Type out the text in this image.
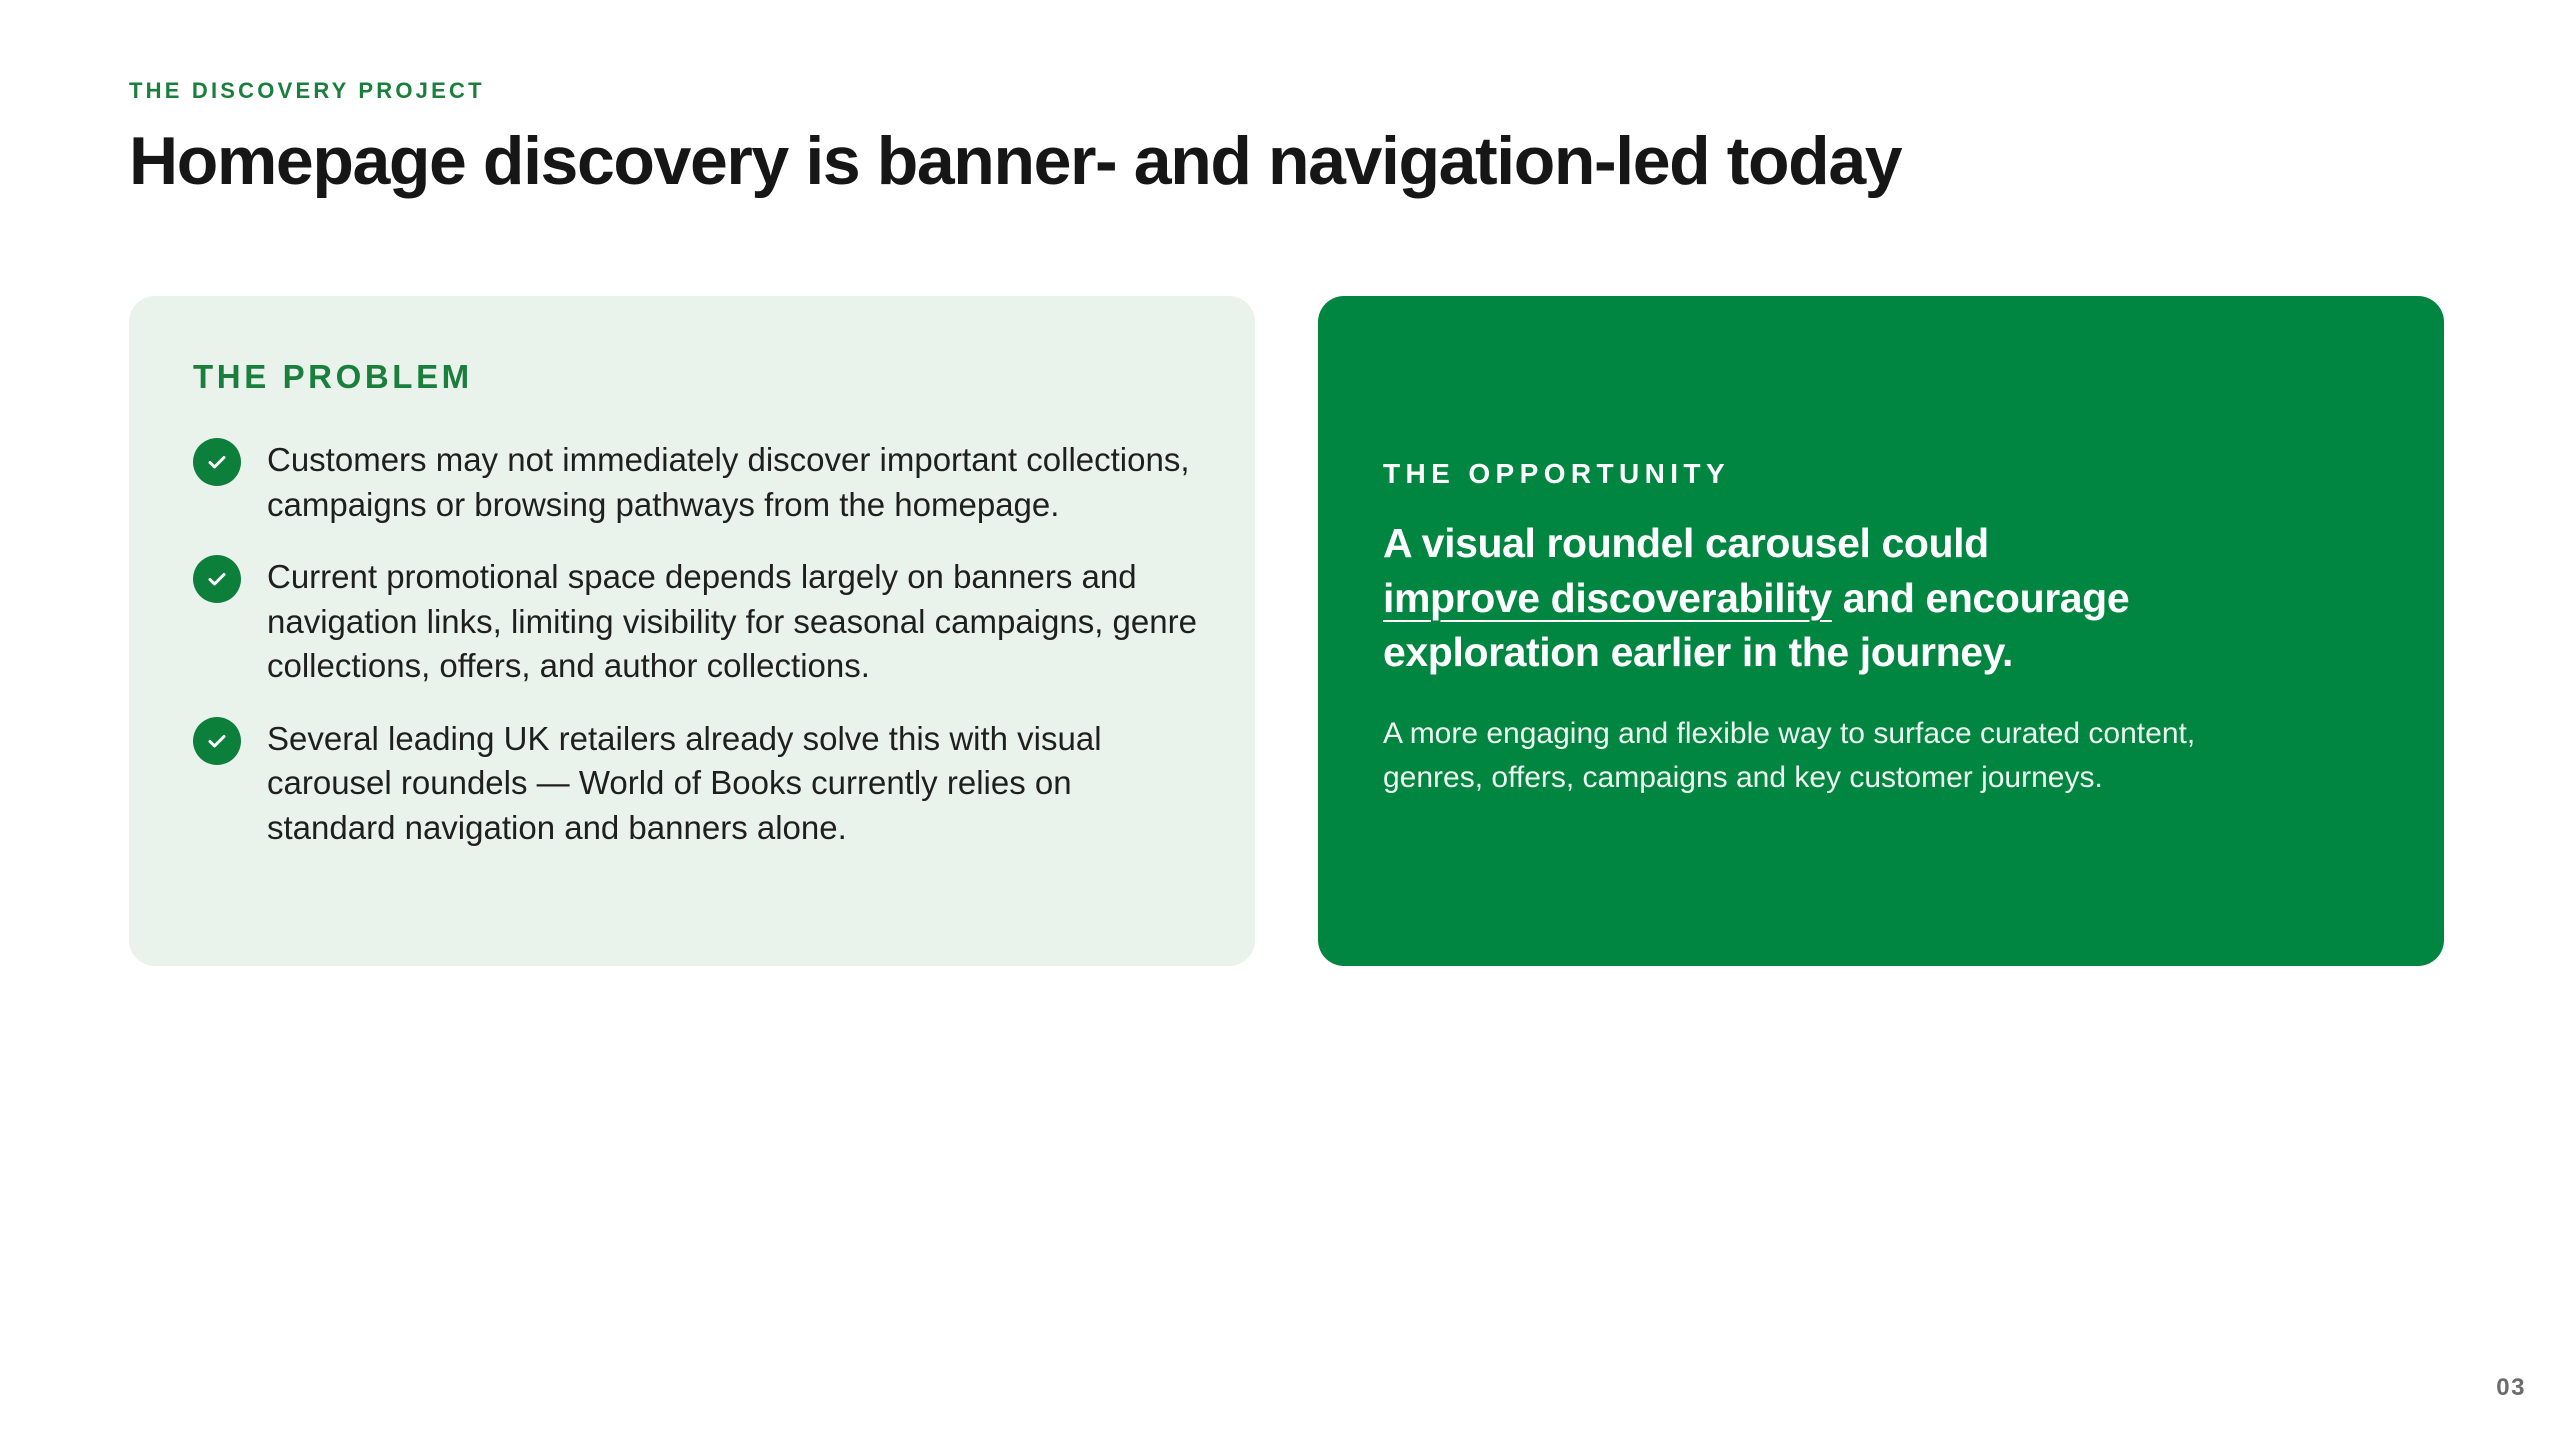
THE DISCOVERY PROJECT

Homepage discovery is banner- and navigation-led today
THE PROBLEM
Customers may not immediately discover important collections, campaigns or browsing pathways from the homepage.
Current promotional space depends largely on banners and navigation links, limiting visibility for seasonal campaigns, genre collections, offers, and author collections.
Several leading UK retailers already solve this with visual carousel roundels — World of Books currently relies on standard navigation and banners alone.
THE OPPORTUNITY

A visual roundel carousel could improve discoverability and encourage exploration earlier in the journey.

A more engaging and flexible way to surface curated content, genres, offers, campaigns and key customer journeys.

03
